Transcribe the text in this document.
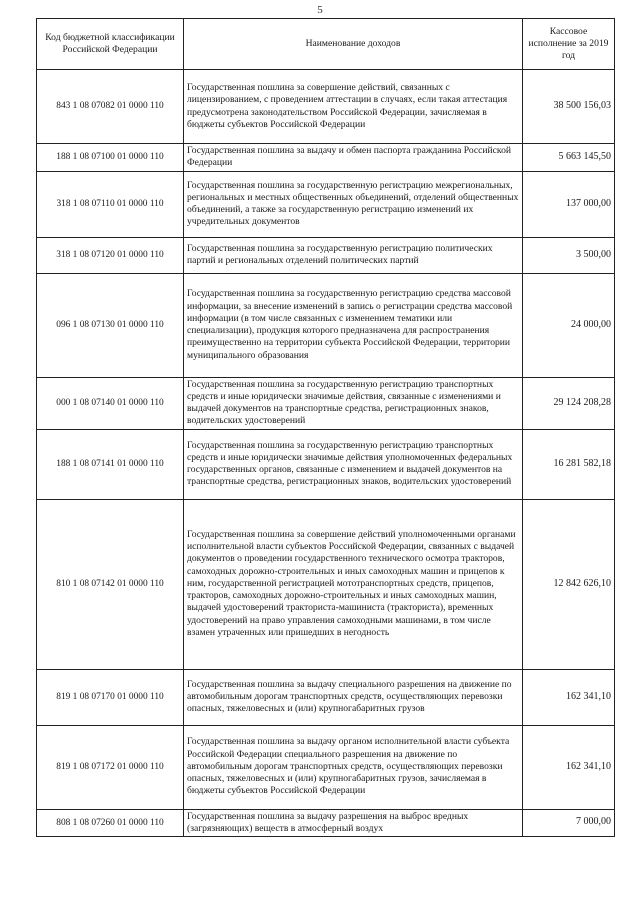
5
Код бюджетной классификации Российской Федерации	Наименование доходов	Кассовое исполнение за 2019 год
843 1 08 07082 01 0000 110	Государственная пошлина за совершение действий, связанных с лицензированием, с проведением аттестации в случаях, если такая аттестация предусмотрена законодательством Российской Федерации, зачисляемая в бюджеты субъектов Российской Федерации	38 500 156,03
188 1 08 07100 01 0000 110	Государственная пошлина за выдачу и обмен паспорта гражданина Российской Федерации	5 663 145,50
318 1 08 07110 01 0000 110	Государственная пошлина за государственную регистрацию межрегиональных, региональных и местных общественных объединений, отделений общественных объединений, а также за государственную регистрацию изменений их учредительных документов	137 000,00
318 1 08 07120 01 0000 110	Государственная пошлина за государственную регистрацию политических партий и региональных отделений политических партий	3 500,00
096 1 08 07130 01 0000 110	Государственная пошлина за государственную регистрацию средства массовой информации, за внесение изменений в запись о регистрации средства массовой информации (в том числе связанных с изменением тематики или специализации), продукция которого предназначена для распространения преимущественно на территории субъекта Российской Федерации, территории муниципального образования	24 000,00
000 1 08 07140 01 0000 110	Государственная пошлина за государственную регистрацию транспортных средств и иные юридически значимые действия, связанные с изменениями и выдачей документов на транспортные средства, регистрационных знаков, водительских удостоверений	29 124 208,28
188 1 08 07141 01 0000 110	Государственная пошлина за государственную регистрацию транспортных средств и иные юридически значимые действия уполномоченных федеральных государственных органов, связанные с изменением и выдачей документов на транспортные средства, регистрационных знаков, водительских удостоверений	16 281 582,18
810 1 08 07142 01 0000 110	Государственная пошлина за совершение действий уполномоченными органами исполнительной власти субъектов Российской Федерации, связанных с выдачей документов о проведении государственного технического осмотра тракторов, самоходных дорожно-строительных и иных самоходных машин и прицепов к ним, государственной регистрацией мототранспортных средств, прицепов, тракторов, самоходных дорожно-строительных и иных самоходных машин, выдачей удостоверений тракториста-машиниста (тракториста), временных удостоверений на право управления самоходными машинами, в том числе взамен утраченных или пришедших в негодность	12 842 626,10
819 1 08 07170 01 0000 110	Государственная пошлина за выдачу специального разрешения на движение по автомобильным дорогам транспортных средств, осуществляющих перевозки опасных, тяжеловесных и (или) крупногабаритных грузов	162 341,10
819 1 08 07172 01 0000 110	Государственная пошлина за выдачу органом исполнительной власти субъекта Российской Федерации специального разрешения на движение по автомобильным дорогам транспортных средств, осуществляющих перевозки опасных, тяжеловесных и (или) крупногабаритных грузов, зачисляемая в бюджеты субъектов Российской Федерации	162 341,10
808 1 08 07260 01 0000 110	Государственная пошлина за выдачу разрешения на выброс вредных (загрязняющих) веществ в атмосферный воздух	7 000,00
